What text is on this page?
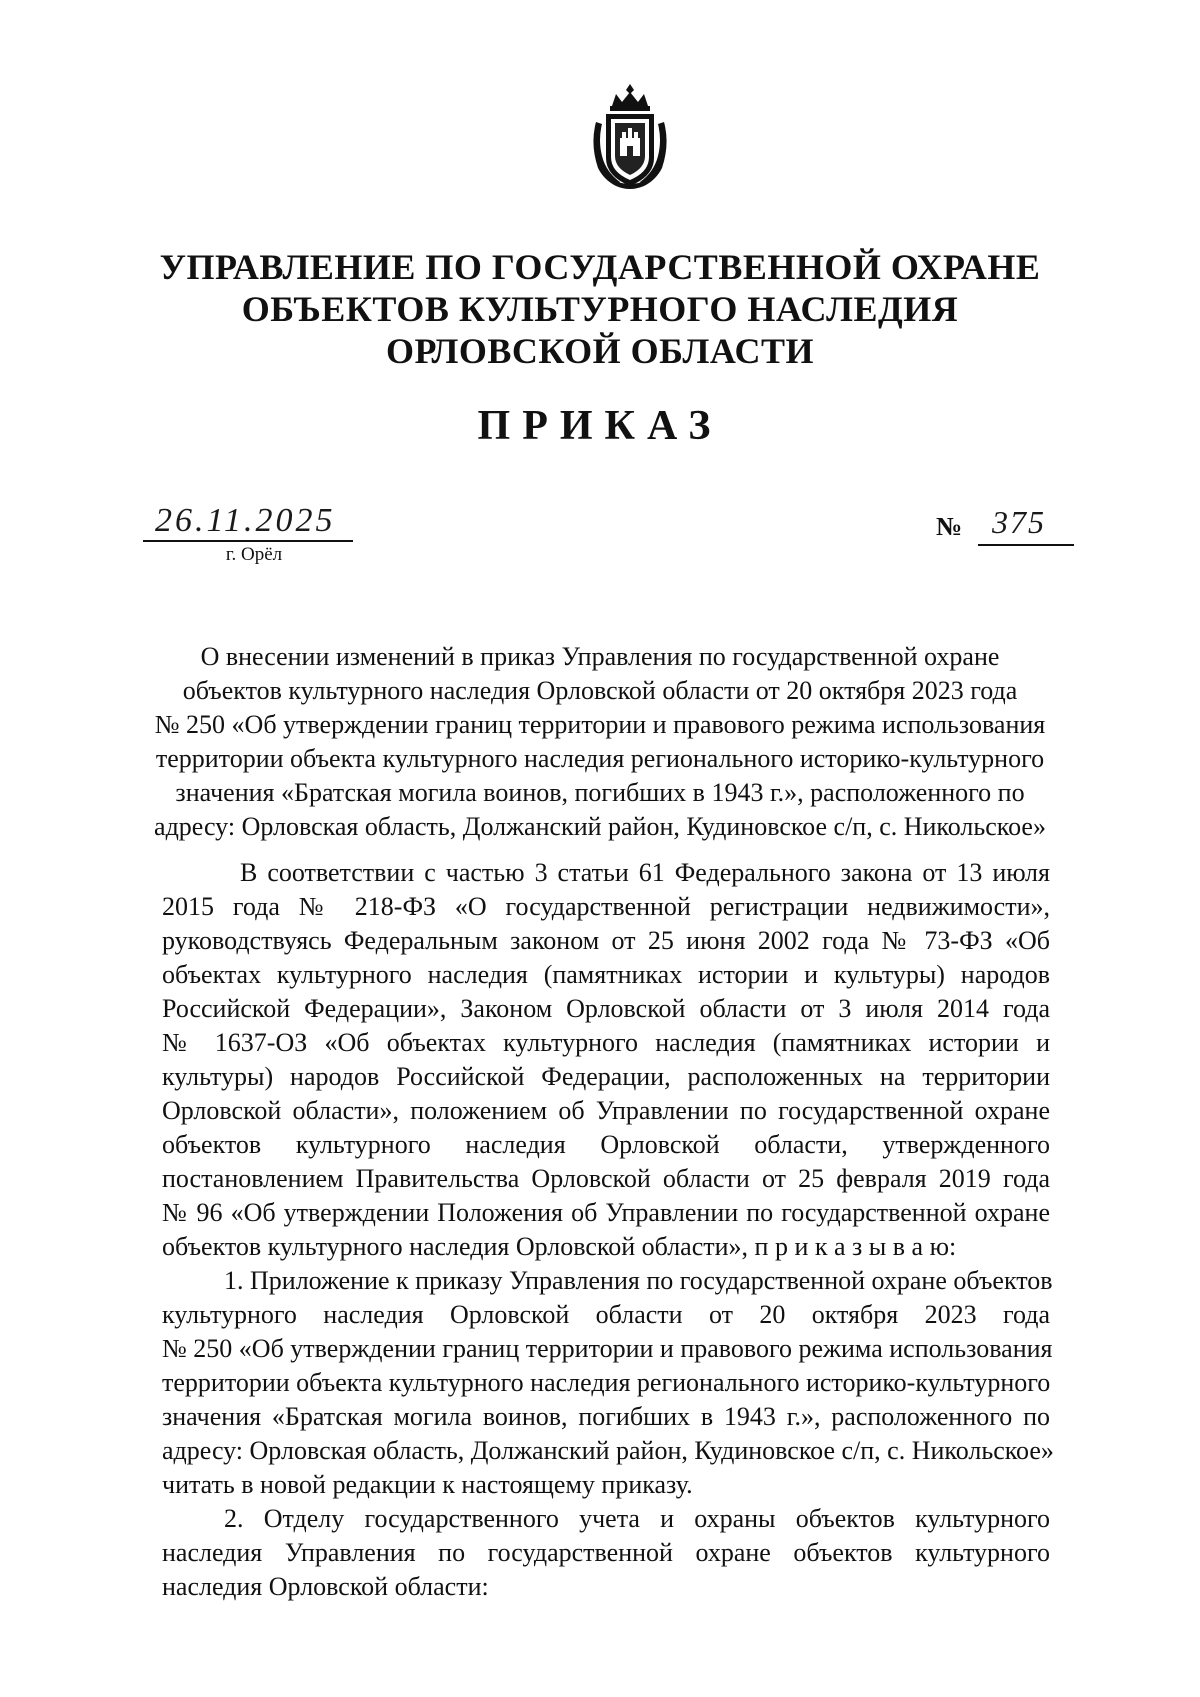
УПРАВЛЕНИЕ ПО ГОСУДАРСТВЕННОЙ ОХРАНЕ
ОБЪЕКТОВ КУЛЬТУРНОГО НАСЛЕДИЯ
ОРЛОВСКОЙ ОБЛАСТИ
ПРИКАЗ
26.11.2025
г. Орёл
№ 375
О внесении изменений в приказ Управления по государственной охране
объектов культурного наследия Орловской области от 20 октября 2023 года
№ 250 «Об утверждении границ территории и правового режима использования
территории объекта культурного наследия регионального историко-культурного
значения «Братская могила воинов, погибших в 1943 г.», расположенного по
адресу: Орловская область, Должанский район, Кудиновское с/п, с. Никольское»
В соответствии с частью 3 статьи 61 Федерального закона от 13 июля
2015 года № 218-ФЗ «О государственной регистрации недвижимости»,
руководствуясь Федеральным законом от 25 июня 2002 года № 73-ФЗ «Об
объектах культурного наследия (памятниках истории и культуры) народов
Российской Федерации», Законом Орловской области от 3 июля 2014 года
№ 1637-ОЗ «Об объектах культурного наследия (памятниках истории и
культуры) народов Российской Федерации, расположенных на территории
Орловской области», положением об Управлении по государственной охране
объектов культурного наследия Орловской области, утвержденного
постановлением Правительства Орловской области от 25 февраля 2019 года
№ 96 «Об утверждении Положения об Управлении по государственной охране
объектов культурного наследия Орловской области», п р и к а з ы в а ю:
1. Приложение к приказу Управления по государственной охране объектов
культурного наследия Орловской области от 20 октября 2023 года
№ 250 «Об утверждении границ территории и правового режима использования
территории объекта культурного наследия регионального историко-культурного
значения «Братская могила воинов, погибших в 1943 г.», расположенного по
адресу: Орловская область, Должанский район, Кудиновское с/п, с. Никольское»
читать в новой редакции к настоящему приказу.
2. Отделу государственного учета и охраны объектов культурного
наследия Управления по государственной охране объектов культурного
наследия Орловской области:
